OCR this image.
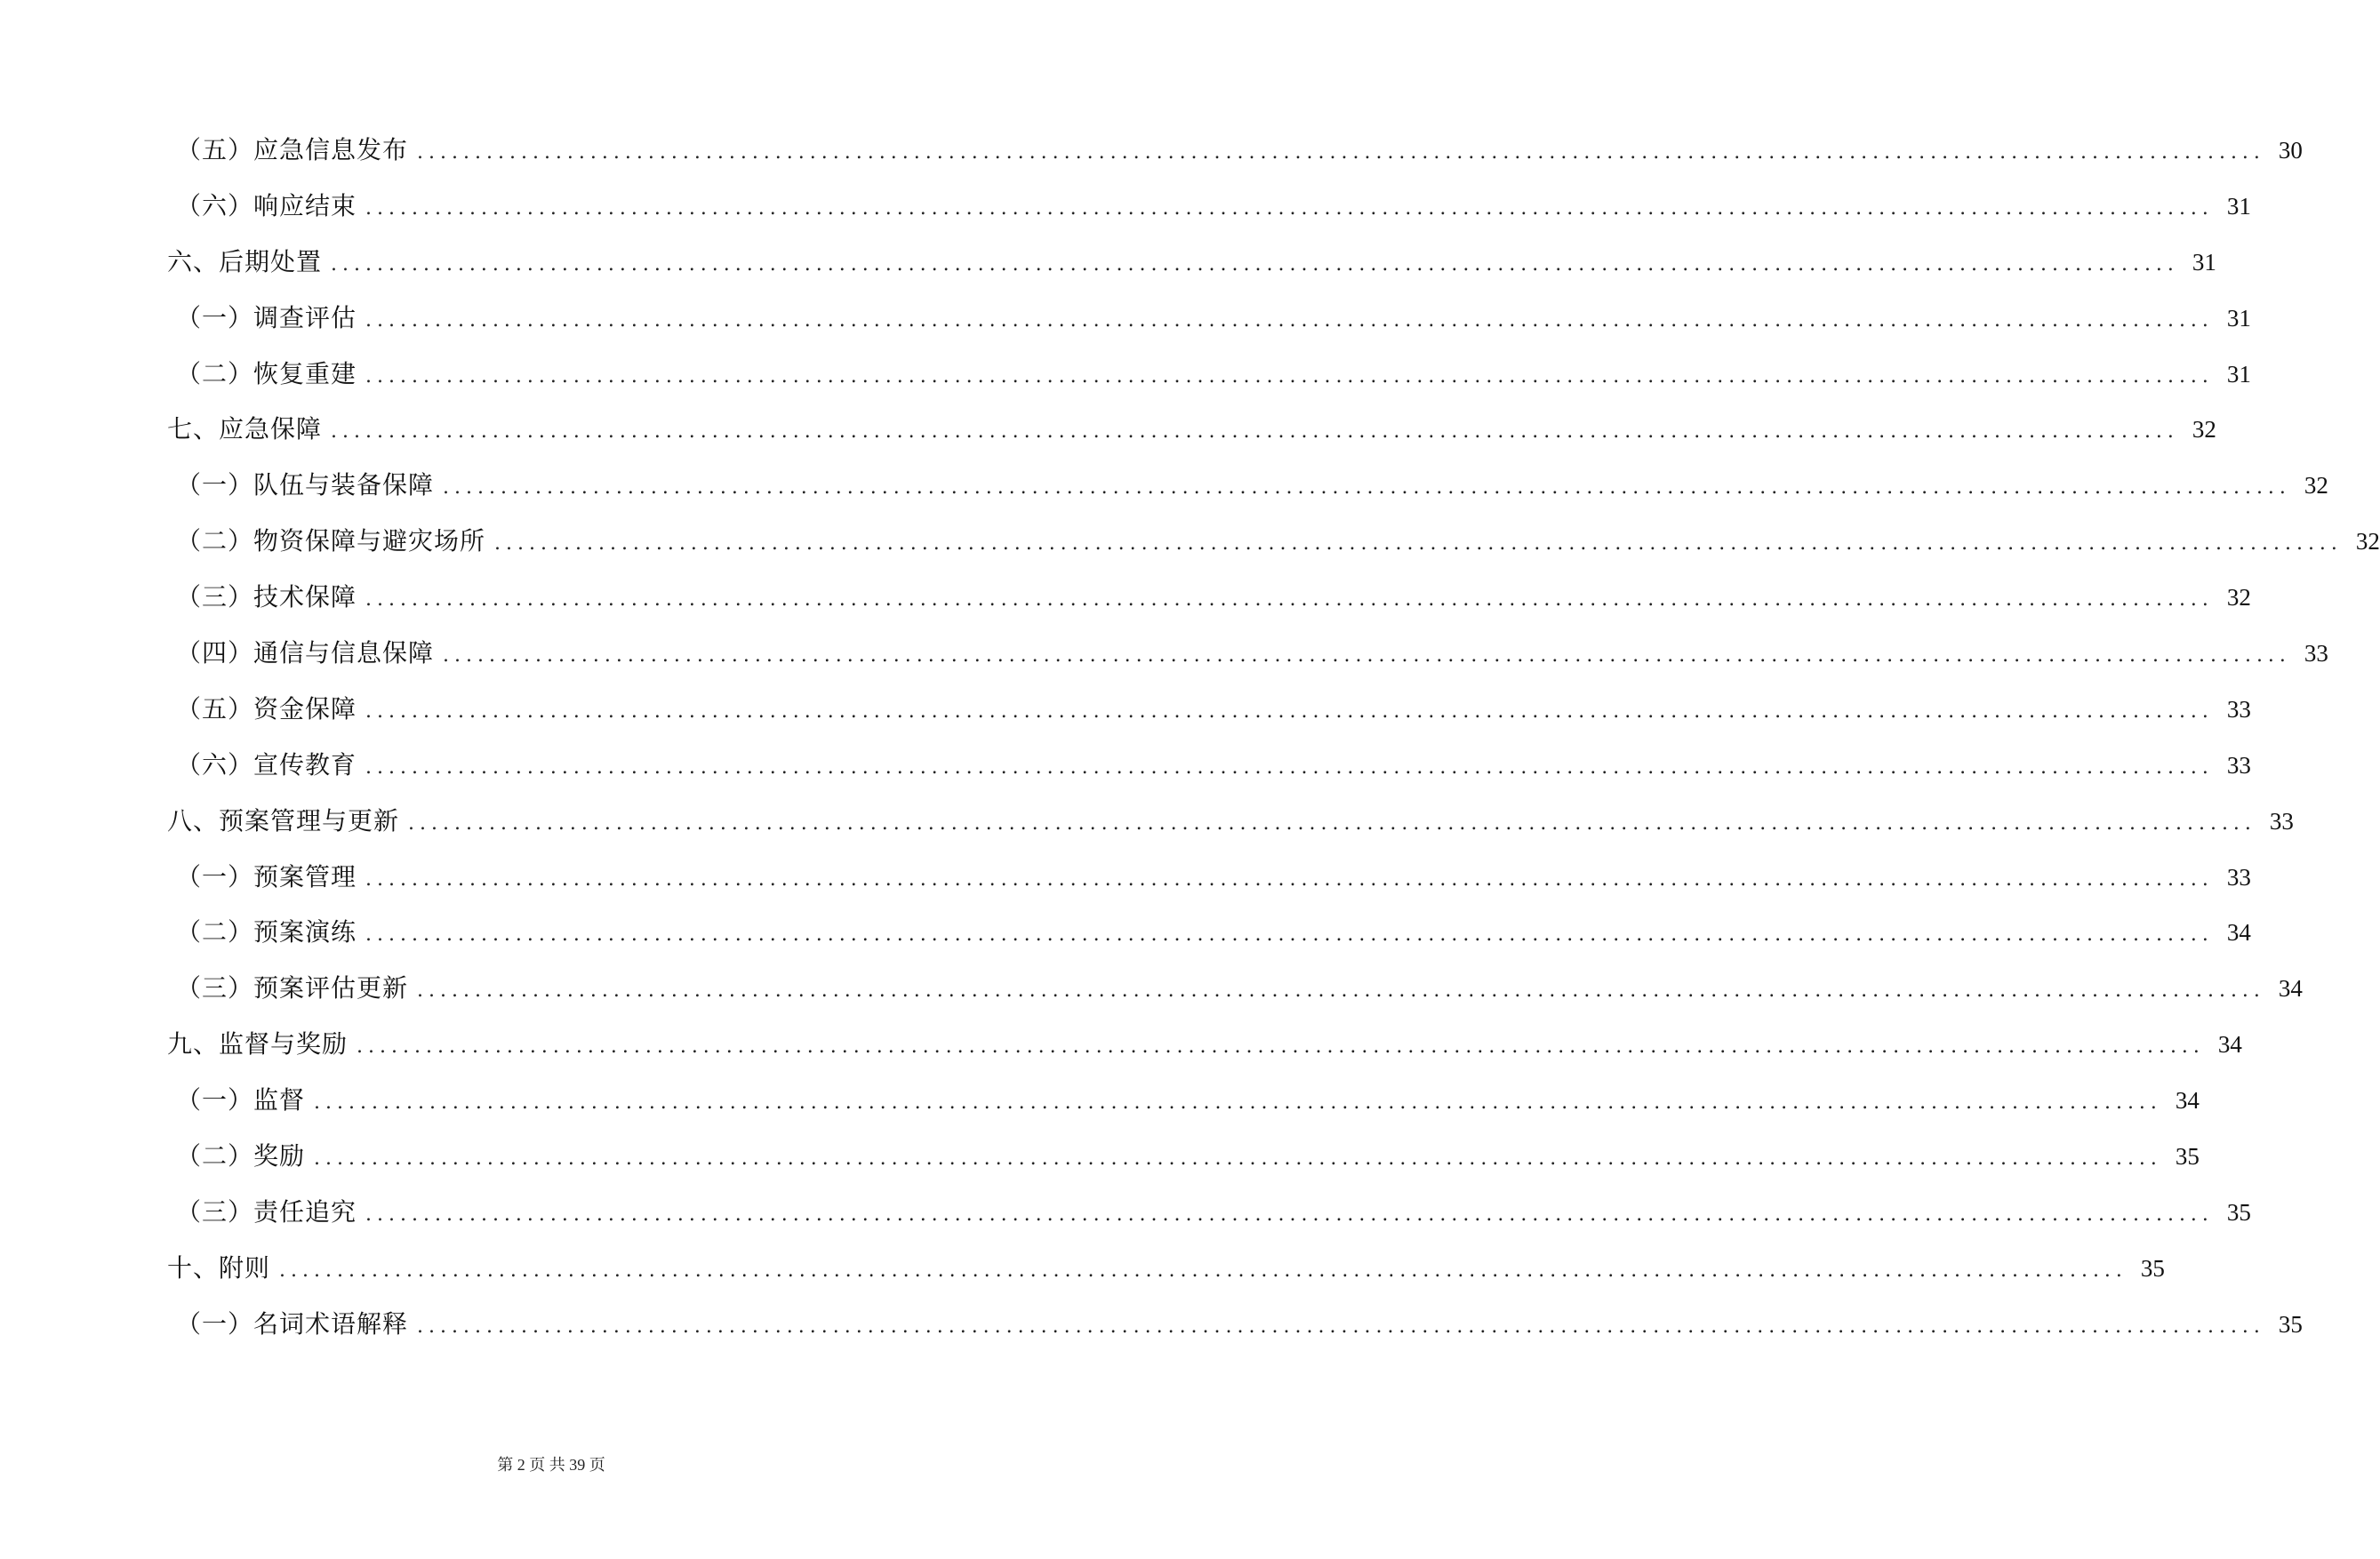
（五）应急信息发布 ................................................................................................................................................................ 30
（六）响应结束 ................................................................................................................................................................ 31
六、后期处置 ................................................................................................................................................................ 31
（一）调查评估 ................................................................................................................................................................ 31
（二）恢复重建 ................................................................................................................................................................ 31
七、应急保障 ................................................................................................................................................................ 32
（一）队伍与装备保障 ................................................................................................................................................................ 32
（二）物资保障与避灾场所 ................................................................................................................................................................ 32
（三）技术保障 ................................................................................................................................................................ 32
（四）通信与信息保障 ................................................................................................................................................................ 33
（五）资金保障 ................................................................................................................................................................ 33
（六）宣传教育 ................................................................................................................................................................ 33
八、预案管理与更新 ................................................................................................................................................................ 33
（一）预案管理 ................................................................................................................................................................ 33
（二）预案演练 ................................................................................................................................................................ 34
（三）预案评估更新 ................................................................................................................................................................ 34
九、监督与奖励 ................................................................................................................................................................ 34
（一）监督 ................................................................................................................................................................ 34
（二）奖励 ................................................................................................................................................................ 35
（三）责任追究 ................................................................................................................................................................ 35
十、附则 ................................................................................................................................................................ 35
（一）名词术语解释 ................................................................................................................................................................ 35
第 2 页 共 39 页
